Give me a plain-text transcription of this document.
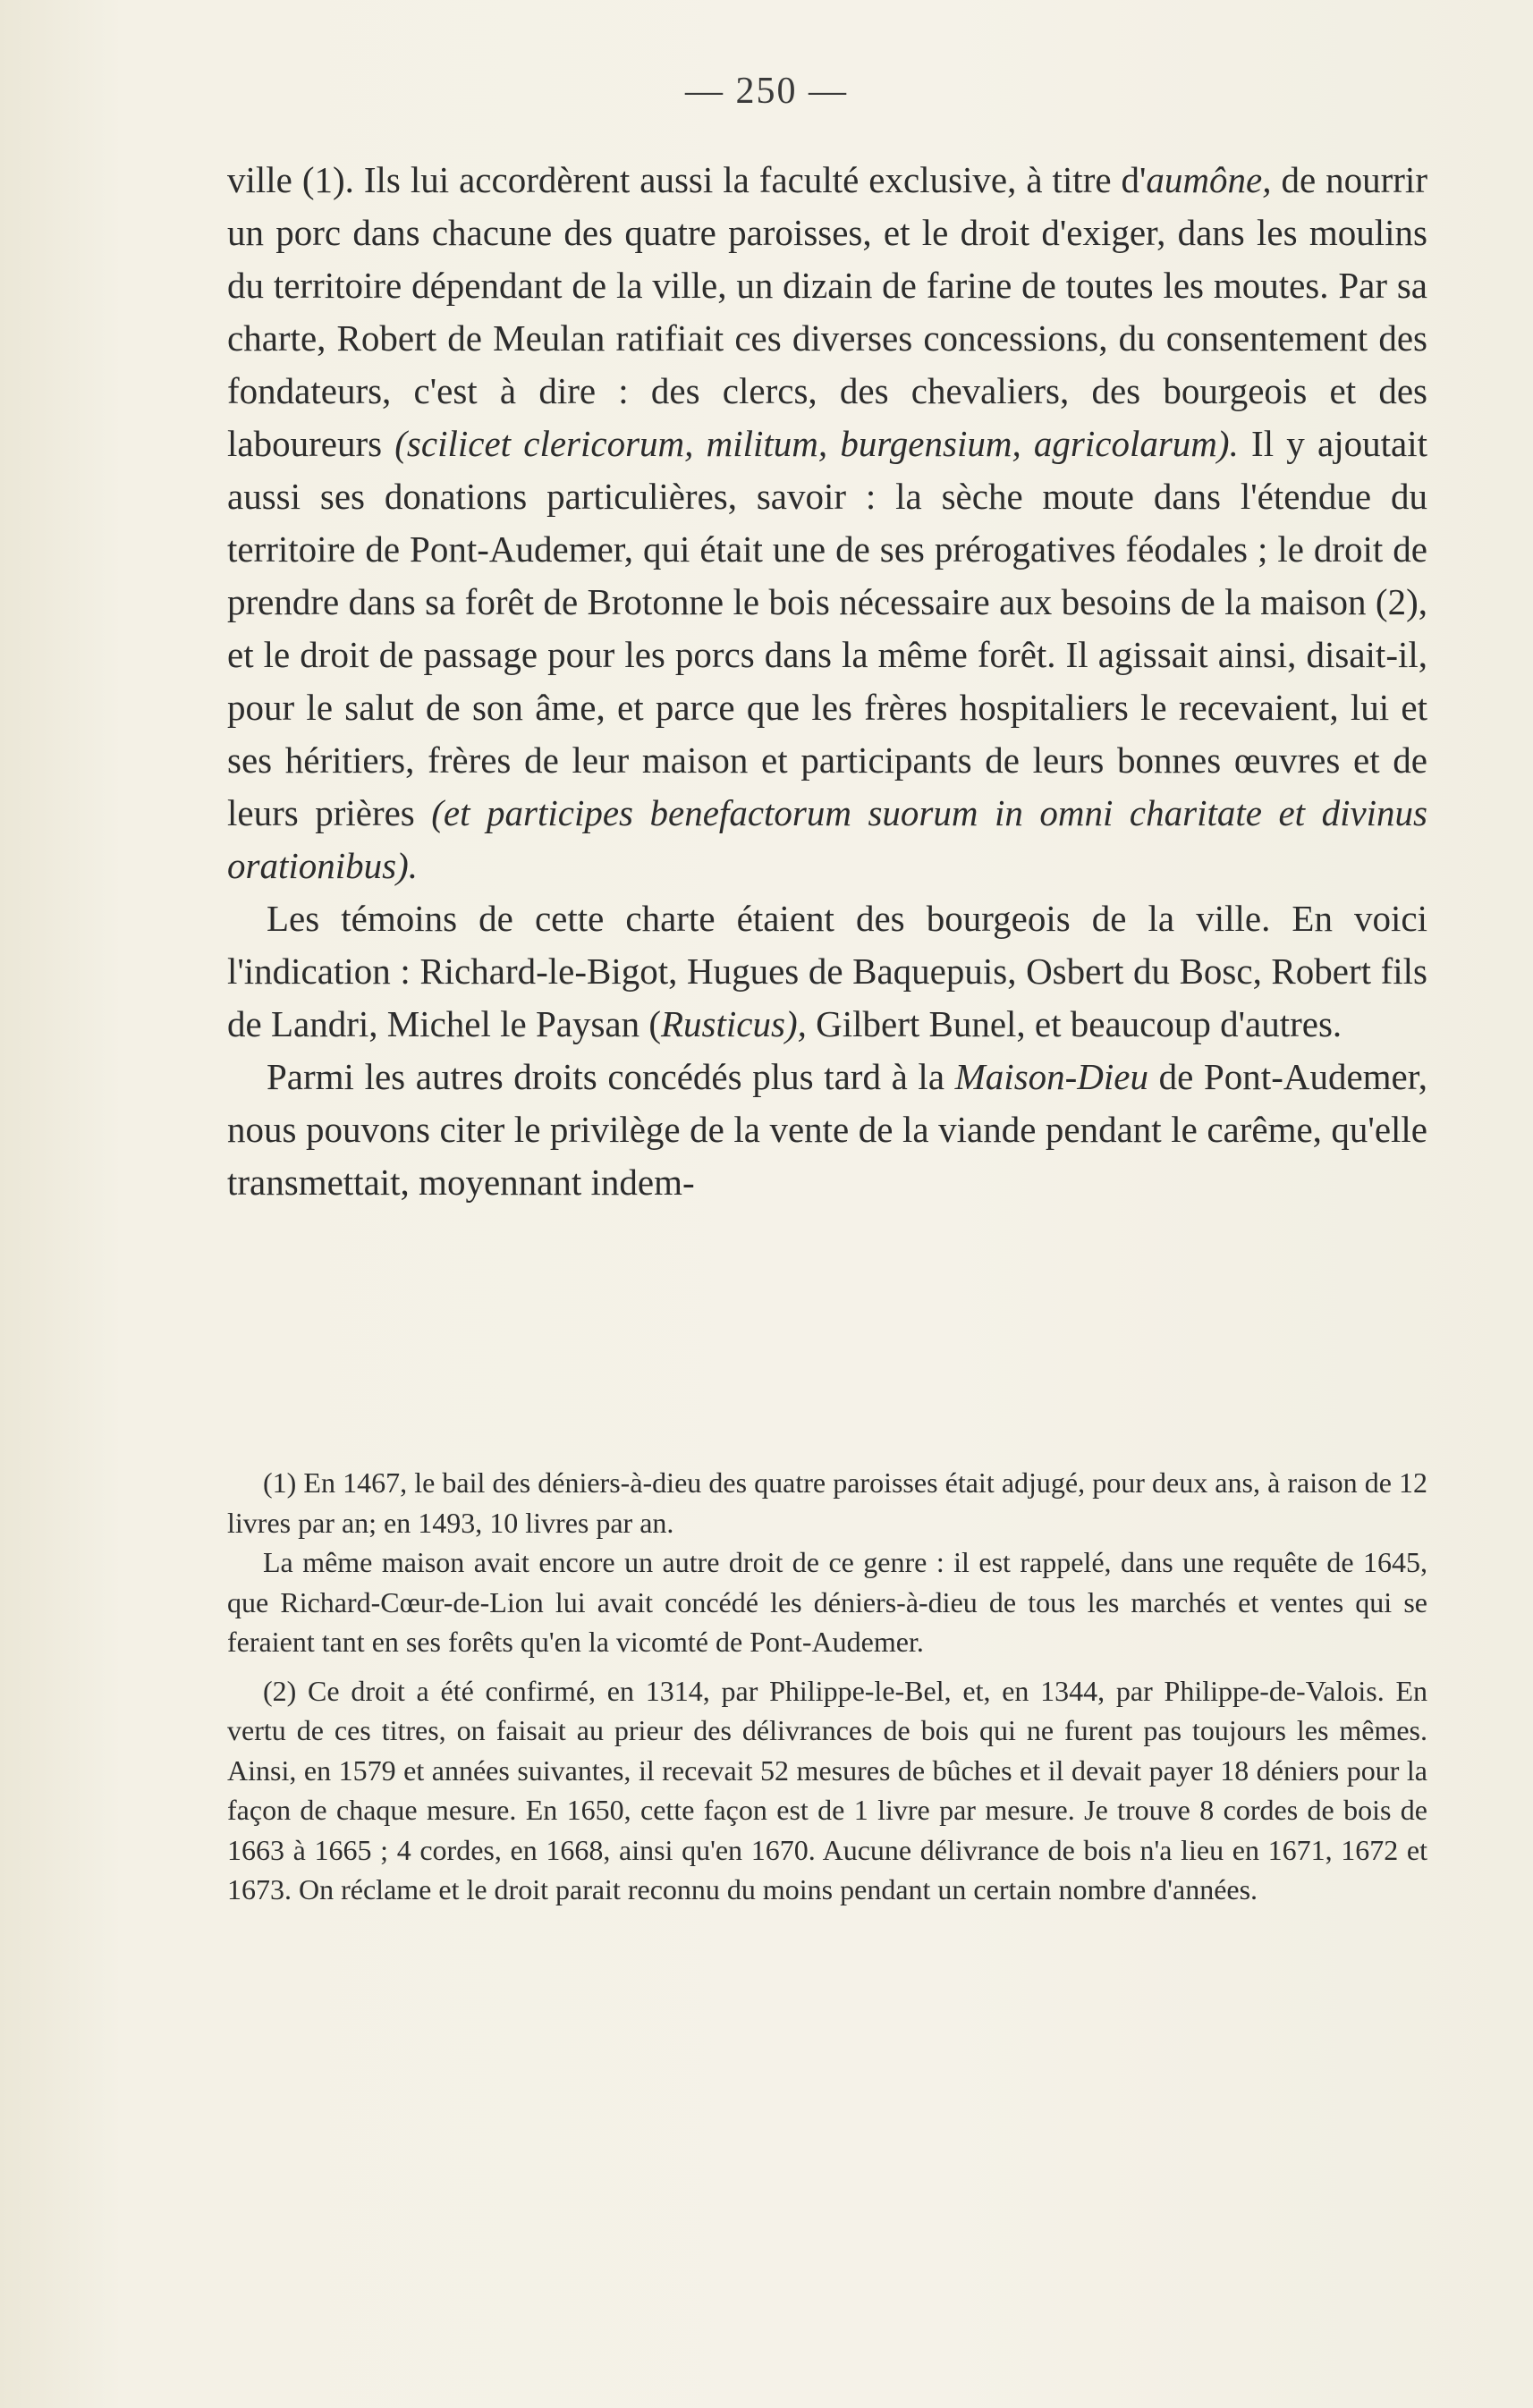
— 250 —

ville (1). Ils lui accordèrent aussi la faculté exclusive, à titre d'aumône, de nourrir un porc dans chacune des quatre paroisses, et le droit d'exiger, dans les moulins du territoire dépendant de la ville, un dizain de farine de toutes les moutes. Par sa charte, Robert de Meulan ratifiait ces diverses concessions, du consentement des fondateurs, c'est à dire : des clercs, des chevaliers, des bourgeois et des laboureurs (scilicet clericorum, militum, burgensium, agricolarum). Il y ajoutait aussi ses donations particulières, savoir : la sèche moute dans l'étendue du territoire de Pont-Audemer, qui était une de ses prérogatives féodales ; le droit de prendre dans sa forêt de Brotonne le bois nécessaire aux besoins de la maison (2), et le droit de passage pour les porcs dans la même forêt. Il agissait ainsi, disait-il, pour le salut de son âme, et parce que les frères hospitaliers le recevaient, lui et ses héritiers, frères de leur maison et participants de leurs bonnes œuvres et de leurs prières (et participes benefactorum suorum in omni charitate et divinus orationibus).

Les témoins de cette charte étaient des bourgeois de la ville. En voici l'indication : Richard-le-Bigot, Hugues de Baquepuis, Osbert du Bosc, Robert fils de Landri, Michel le Paysan (Rusticus), Gilbert Bunel, et beaucoup d'autres.

Parmi les autres droits concédés plus tard à la Maison-Dieu de Pont-Audemer, nous pouvons citer le privilège de la vente de la viande pendant le carême, qu'elle transmettait, moyennant indem-

(1) En 1467, le bail des déniers-à-dieu des quatre paroisses était adjugé, pour deux ans, à raison de 12 livres par an; en 1493, 10 livres par an.

La même maison avait encore un autre droit de ce genre : il est rappelé, dans une requête de 1645, que Richard-Cœur-de-Lion lui avait concédé les déniers-à-dieu de tous les marchés et ventes qui se feraient tant en ses forêts qu'en la vicomté de Pont-Audemer.

(2) Ce droit a été confirmé, en 1314, par Philippe-le-Bel, et, en 1344, par Philippe-de-Valois. En vertu de ces titres, on faisait au prieur des délivrances de bois qui ne furent pas toujours les mêmes. Ainsi, en 1579 et années suivantes, il recevait 52 mesures de bûches et il devait payer 18 déniers pour la façon de chaque mesure. En 1650, cette façon est de 1 livre par mesure. Je trouve 8 cordes de bois de 1663 à 1665 ; 4 cordes, en 1668, ainsi qu'en 1670. Aucune délivrance de bois n'a lieu en 1671, 1672 et 1673. On réclame et le droit parait reconnu du moins pendant un certain nombre d'années.
